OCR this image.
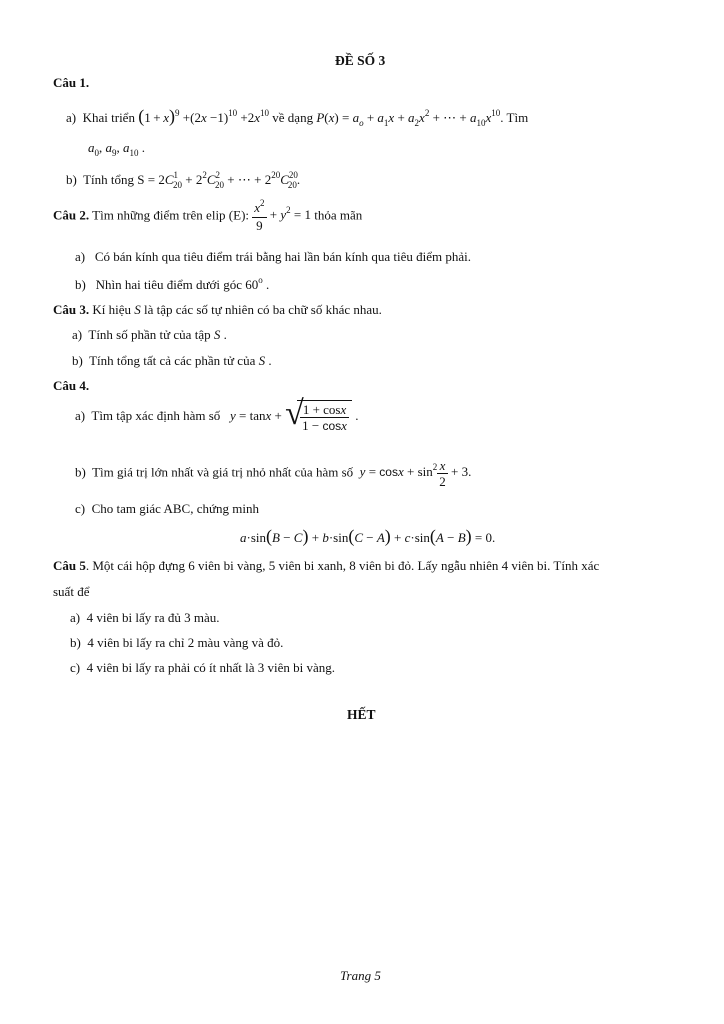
ĐỀ SỐ 3
Câu 1.
a) Khai triển $(1 + x)^9 +(2x -1)^{10} +2x^{10}$ về dạng $P(x) = a_o + a_1x + a_2x^2$ + ⋯ + $a_{10}x^{10}$. Tìm
$a_0$, $a_9$, $a_{10}$ .
b) Tính tổng $S = 2C^1_{20} + 2^2C^2_{20}$ + ⋯ + $2^{20}C^{20}_{20}$.
Câu 2. Tìm những điểm trên elip (E): $\frac{x^2}{9} + y^2 = 1$ thỏa mãn
a) Có bán kính qua tiêu điểm trái bằng hai lần bán kính qua tiêu điểm phải.
b) Nhìn hai tiêu điểm dưới góc 60$^o$ .
Câu 3. Kí hiệu S là tập các số tự nhiên có ba chữ số khác nhau.
a) Tính số phần tử của tập S .
b) Tính tổng tất cả các phần tử của S .
Câu 4.
a) Tìm tập xác định hàm số y = tanx + √
$\frac{1 + \cos x}{1 - \cos x}$ .
b) Tìm giá trị lớn nhất và giá trị nhỏ nhất của hàm số $y = \cos x + \sin^2 \frac{x}{2} + 3$.
c) Cho tam giác ABC, chứng minh
a·sin(B − C) + b·sin(C − A) + c·sin(A − B) = 0.
Câu 5. Một cái hộp đựng 6 viên bi vàng, 5 viên bi xanh, 8 viên bi đỏ. Lấy ngẫu nhiên 4 viên bi. Tính xác
suất để
a) 4 viên bi lấy ra đủ 3 màu.
b) 4 viên bi lấy ra chỉ 2 màu vàng và đỏ.
c) 4 viên bi lấy ra phải có ít nhất là 3 viên bi vàng.
HẾT
Trang 5
